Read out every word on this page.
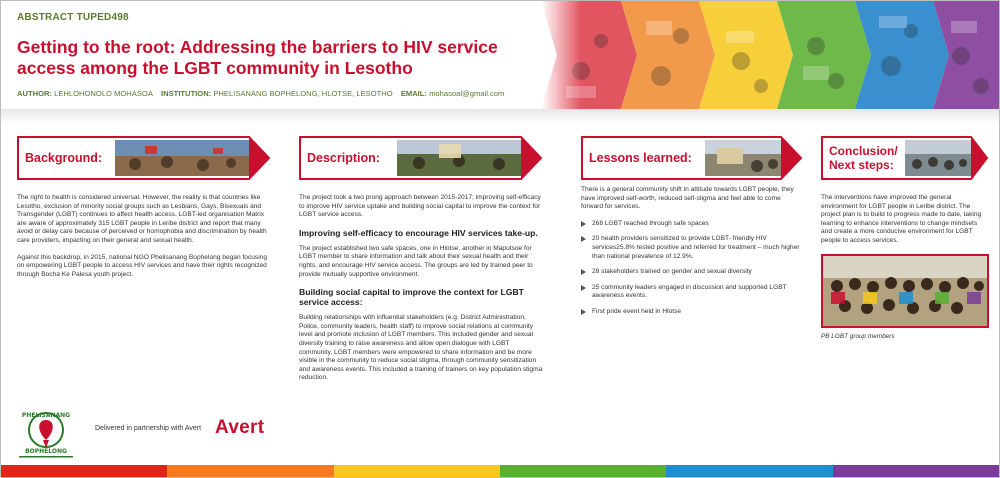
ABSTRACT TUPED498
Getting to the root: Addressing the barriers to HIV service access among the LGBT community in Lesotho
AUTHOR: LEHLOHONOLO MOHASOA INSTITUTION: PHELISANANG BOPHELONG, HLOTSE, LESOTHO EMAIL: mohasoal@gmail.com
Background:

The right to health is considered universal. However, the reality is that countries like Lesotho, exclusion of minority social groups such as Lesbians, Gays, Bisexuals and Transgender (LGBT) continues to affect health access. LGBT-led organisation Matrix are aware of approximately 315 LGBT people in Leribe district and report that many avoid or delay care because of perceived or homophobia and discrimination by health care providers, impacting on their general and sexual health.

Against this backdrop, in 2015, national NGO Phelisanang Bophelong began focusing on empowering LGBT people to access HIV services and have their rights recognized through Bocha Ke Palesa youth project.

Description:

The project took a two prong approach between 2015-2017; improving self-efficacy to improve HIV service uptake and building social capital to improve the context for LGBT service access.

Improving self-efficacy to encourage HIV services take-up.

The project established two safe spaces, one in Hlotse, another in Maputsoe for LGBT member to share information and talk about their sexual health and their rights, and encourage HIV service access. The groups are led by trained peer to provide mutually supportive environment.

Building social capital to improve the context for LGBT service access:

Building relationships with influential stakeholders (e.g. District Administration, Police, community leaders, health staff) to improve social relations at community level and promote inclusion of LGBT members. This included gender and sexual diversity training to raise awareness and allow open dialogue with LGBT community. LGBT members were empowered to share information and be more visible in the community to reduce social stigma, through community sensitization and awareness events. This included a training of trainers on key population stigma reduction.

Lessons learned:

There is a general community shift in attitude towards LGBT people, they have improved self-worth, reduced self-stigma and feel able to come forward for services.

268 LGBT reached through safe spaces
20 health providers sensitized to provide LGBT- friendly HIV services25.8% tested positive and referred for treatment – much higher than national prevalence of 12.9%.
28 stakeholders trained on gender and sexual diversity
25 community leaders engaged in discussion and supported LGBT awareness events.
First pride event held in Hlotse
Conclusion/
Next steps:

The interventions have improved the general environment for LGBT people in Leribe district. The project plan is to build to progress made to date, taking learning to enhance interventions to change mindsets and create a more conducive environment for LGBT people to access services.

PB LGBT group members
PHELISANANG
BOPHELONG
Delivered in partnership with Avert Avert
